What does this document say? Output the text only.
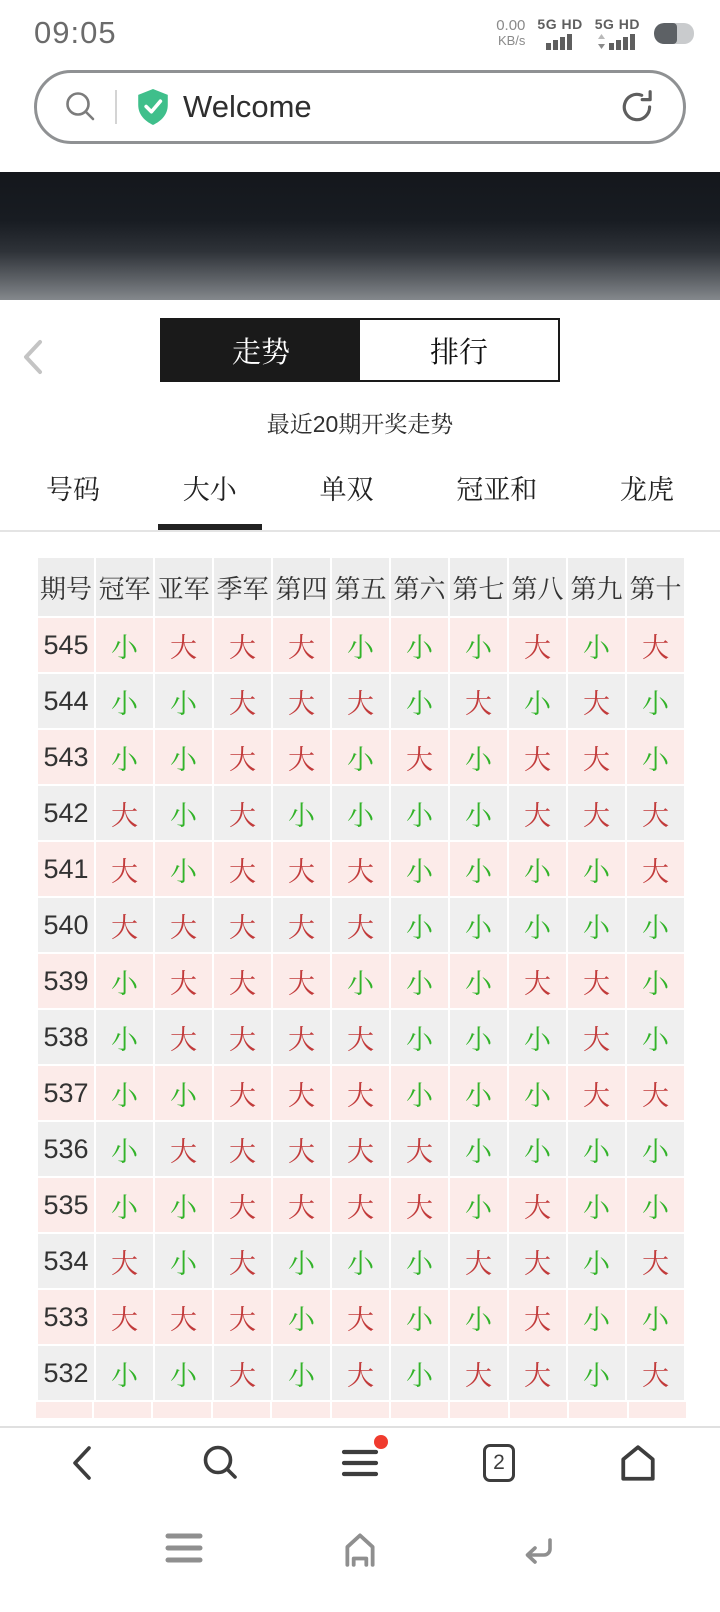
09:05	0.00
KB/s
5G HD 5G HD
Welcome
走势	排行
最近20期开奖走势
号码	大小	单双	冠亚和	龙虎
期号	冠军	亚军	季军	第四	第五	第六	第七	第八	第九	第十
545	小	大	大	大	小	小	小	大	小	大
544	小	小	大	大	大	小	大	小	大	小
543	小	小	大	大	小	大	小	大	大	小
542	大	小	大	小	小	小	小	大	大	大
541	大	小	大	大	大	小	小	小	小	大
540	大	大	大	大	大	小	小	小	小	小
539	小	大	大	大	小	小	小	大	大	小
538	小	大	大	大	大	小	小	小	大	小
537	小	小	大	大	大	小	小	小	大	大
536	小	大	大	大	大	大	小	小	小	小
535	小	小	大	大	大	大	小	大	小	小
534	大	小	大	小	小	小	大	大	小	大
533	大	大	大	小	大	小	小	大	小	小
532	小	小	大	小	大	小	大	大	小	大
2
